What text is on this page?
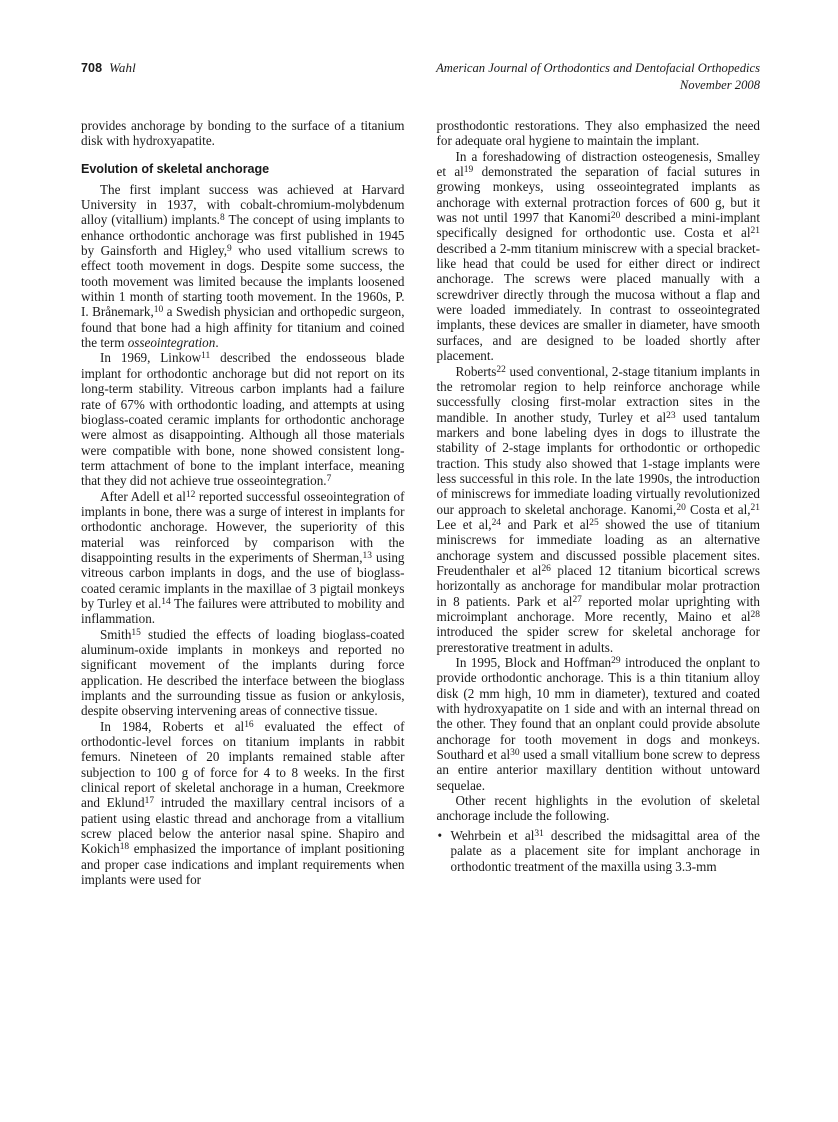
708 Wahl	American Journal of Orthodontics and Dentofacial Orthopedics
November 2008

provides anchorage by bonding to the surface of a titanium disk with hydroxyapatite.

Evolution of skeletal anchorage

The first implant success was achieved at Harvard University in 1937, with cobalt-chromium-molybdenum alloy (vitallium) implants.$^8$ The concept of using implants to enhance orthodontic anchorage was first published in 1945 by Gainsforth and Higley,$^9$ who used vitallium screws to effect tooth movement in dogs. Despite some success, the tooth movement was limited because the implants loosened within 1 month of starting tooth movement. In the 1960s, P. I. Brånemark,$^{10}$ a Swedish physician and orthopedic surgeon, found that bone had a high affinity for titanium and coined the term osseointegration.

In 1969, Linkow$^{11}$ described the endosseous blade implant for orthodontic anchorage but did not report on its long-term stability. Vitreous carbon implants had a failure rate of 67% with orthodontic loading, and attempts at using bioglass-coated ceramic implants for orthodontic anchorage were almost as disappointing. Although all those materials were compatible with bone, none showed consistent long-term attachment of bone to the implant interface, meaning that they did not achieve true osseointegration.$^7$

After Adell et $al^{12}$ reported successful osseointegration of implants in bone, there was a surge of interest in implants for orthodontic anchorage. However, the superiority of this material was reinforced by comparison with the disappointing results in the experiments of Sherman,$^{13}$ using vitreous carbon implants in dogs, and the use of bioglass-coated ceramic implants in the maxillae of 3 pigtail monkeys by Turley et al.$^{14}$ The failures were attributed to mobility and inflammation.

Smith$^{15}$ studied the effects of loading bioglass-coated aluminum-oxide implants in monkeys and reported no significant movement of the implants during force application. He described the interface between the bioglass implants and the surrounding tissue as fusion or ankylosis, despite observing intervening areas of connective tissue.

In 1984, Roberts et $al^{16}$ evaluated the effect of orthodontic-level forces on titanium implants in rabbit femurs. Nineteen of 20 implants remained stable after subjection to 100 g of force for 4 to 8 weeks. In the first clinical report of skeletal anchorage in a human, Creekmore and Eklund$^{17}$ intruded the maxillary central incisors of a patient using elastic thread and anchorage from a vitallium screw placed below the anterior nasal spine. Shapiro and Kokich$^{18}$ emphasized the importance of implant positioning and proper case indications and implant requirements when implants were used for

prosthodontic restorations. They also emphasized the need for adequate oral hygiene to maintain the implant.

In a foreshadowing of distraction osteogenesis, Smalley et $al^{19}$ demonstrated the separation of facial sutures in growing monkeys, using osseointegrated implants as anchorage with external protraction forces of 600 g, but it was not until 1997 that Kanomi$^{20}$ described a mini-implant specifically designed for orthodontic use. Costa et $al^{21}$ described a 2-mm titanium miniscrew with a special bracket-like head that could be used for either direct or indirect anchorage. The screws were placed manually with a screwdriver directly through the mucosa without a flap and were loaded immediately. In contrast to osseointegrated implants, these devices are smaller in diameter, have smooth surfaces, and are designed to be loaded shortly after placement.

Roberts$^{22}$ used conventional, 2-stage titanium implants in the retromolar region to help reinforce anchorage while successfully closing first-molar extraction sites in the mandible. In another study, Turley et $al^{23}$ used tantalum markers and bone labeling dyes in dogs to illustrate the stability of 2-stage implants for orthodontic or orthopedic traction. This study also showed that 1-stage implants were less successful in this role. In the late 1990s, the introduction of miniscrews for immediate loading virtually revolutionized our approach to skeletal anchorage. Kanomi,$^{20}$ Costa et al,$^{21}$ Lee et al,$^{24}$ and Park et $al^{25}$ showed the use of titanium miniscrews for immediate loading as an alternative anchorage system and discussed possible placement sites. Freudenthaler et $al^{26}$ placed 12 titanium bicortical screws horizontally as anchorage for mandibular molar protraction in 8 patients. Park et $al^{27}$ reported molar uprighting with microimplant anchorage. More recently, Maino et $al^{28}$ introduced the spider screw for skeletal anchorage for prerestorative treatment in adults.

In 1995, Block and Hoffman$^{29}$ introduced the onplant to provide orthodontic anchorage. This is a thin titanium alloy disk (2 mm high, 10 mm in diameter), textured and coated with hydroxyapatite on 1 side and with an internal thread on the other. They found that an onplant could provide absolute anchorage for tooth movement in dogs and monkeys. Southard et $al^{30}$ used a small vitallium bone screw to depress an entire anterior maxillary dentition without untoward sequelae.

Other recent highlights in the evolution of skeletal anchorage include the following.

• Wehrbein et $al^{31}$ described the midsagittal area of the palate as a placement site for implant anchorage in orthodontic treatment of the maxilla using 3.3-mm
